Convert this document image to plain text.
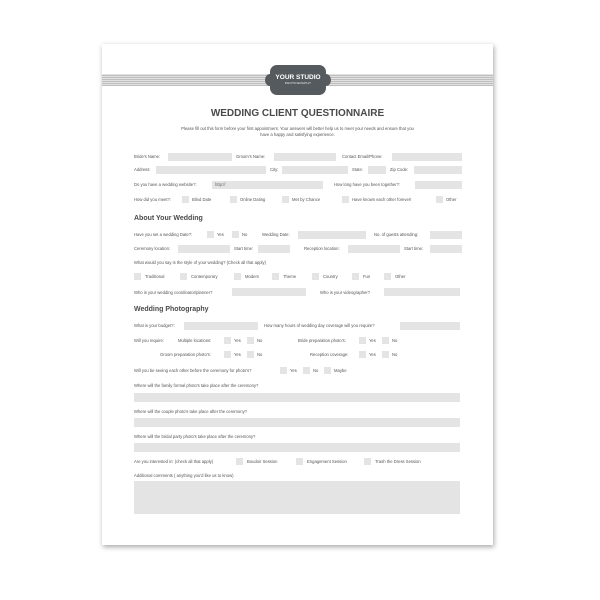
YOUR STUDIO
PHOTOGRAPHY
WEDDING CLIENT QUESTIONNAIRE
Please fill out this form before your first appointment. Your answers will better help us to meet your needs and ensure that you
have a happy and satisfying experience.
Bride's Name:	Groom's Name:	Contact Email/Phone:
Address:	City:	State:	Zip Code:
Do you have a wedding website?:	http://	How long have you been together?:
How did you meet?:	Blind Date	Online Dating	Met by Chance	Have known each other forever!	Other
About Your Wedding
Have you set a wedding Date?:	Yes	No	Wedding Date:	No. of guests attending:
Ceremony location:	Start time:	Reception location:	Start time:
What would you say is the style of your wedding? (Check all that apply)
Traditional	Contemporary	Modern	Theme	Country	Fun	Other
Who is your wedding coordinator/planner?	Who is your videographer?
Wedding Photography
What is your budget?:	How many hours of wedding day coverage will you require?
Will you require:	Multiple locations:	Yes	No	Bride preparation photo's:	Yes	No
Groom preparation photo's:	Yes	No	Reception coverage:	Yes	No
Will you be seeing each other before the ceremony for photo's?	Yes	No	Maybe
Where will the family formal photo's take place after the ceremony?
Where will the couple photo's take place after the ceremony?
Where will the bridal party photo's take place after the ceremony?
Are you interested in: (check all that apply)	Boudoir Session	Engagement Session	Trash the Dress Session
Additional comments ( anything you'd like us to know)
